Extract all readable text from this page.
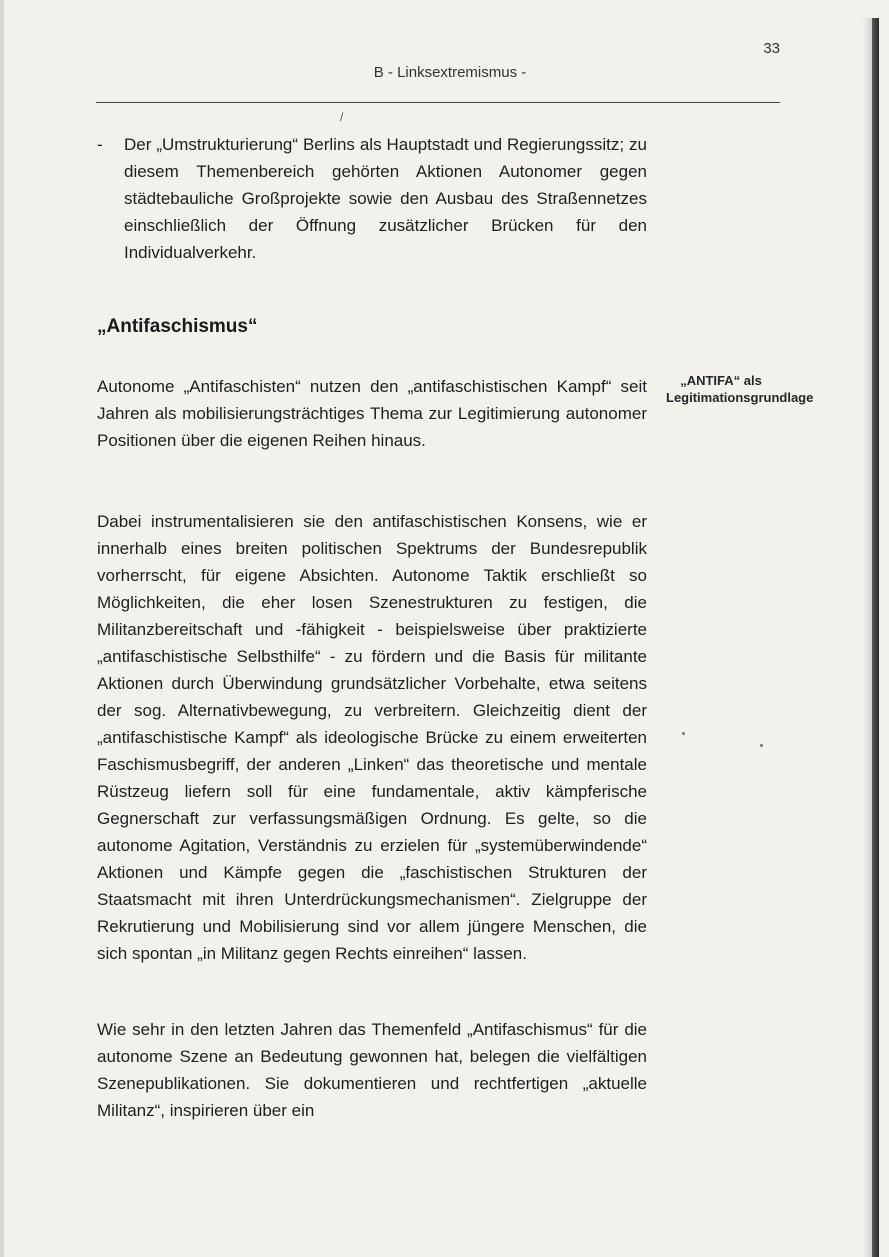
33
B - Linksextremismus -
/
- Der „Umstrukturierung“ Berlins als Hauptstadt und Regierungssitz; zu diesem Themenbereich gehörten Aktionen Autonomer gegen städtebauliche Großprojekte sowie den Ausbau des Straßennetzes einschließlich der Öffnung zusätzlicher Brücken für den Individualverkehr.
„Antifaschismus“
Autonome „Antifaschisten“ nutzen den „antifaschistischen Kampf“ seit Jahren als mobilisierungsträchtiges Thema zur Legitimierung autonomer Positionen über die eigenen Reihen hinaus.
„ANTIFA“ als Legitimationsgrundlage
Dabei instrumentalisieren sie den antifaschistischen Konsens, wie er innerhalb eines breiten politischen Spektrums der Bundesrepublik vorherrscht, für eigene Absichten. Autonome Taktik erschließt so Möglichkeiten, die eher losen Szenestrukturen zu festigen, die Militanzbereitschaft und -fähigkeit - beispielsweise über praktizierte „antifaschistische Selbsthilfe“ - zu fördern und die Basis für militante Aktionen durch Überwindung grundsätzlicher Vorbehalte, etwa seitens der sog. Alternativbewegung, zu verbreitern. Gleichzeitig dient der „antifaschistische Kampf“ als ideologische Brücke zu einem erweiterten Faschismusbegriff, der anderen „Linken“ das theoretische und mentale Rüstzeug liefern soll für eine fundamentale, aktiv kämpferische Gegnerschaft zur verfassungsmäßigen Ordnung. Es gelte, so die autonome Agitation, Verständnis zu erzielen für „systemüberwindende“ Aktionen und Kämpfe gegen die „faschistischen Strukturen der Staatsmacht mit ihren Unterdrückungsmechanismen“. Zielgruppe der Rekrutierung und Mobilisierung sind vor allem jüngere Menschen, die sich spontan „in Militanz gegen Rechts einreihen“ lassen.
Wie sehr in den letzten Jahren das Themenfeld „Antifaschismus“ für die autonome Szene an Bedeutung gewonnen hat, belegen die vielfältigen Szenepublikationen. Sie dokumentieren und rechtfertigen „aktuelle Militanz“, inspirieren über ein
